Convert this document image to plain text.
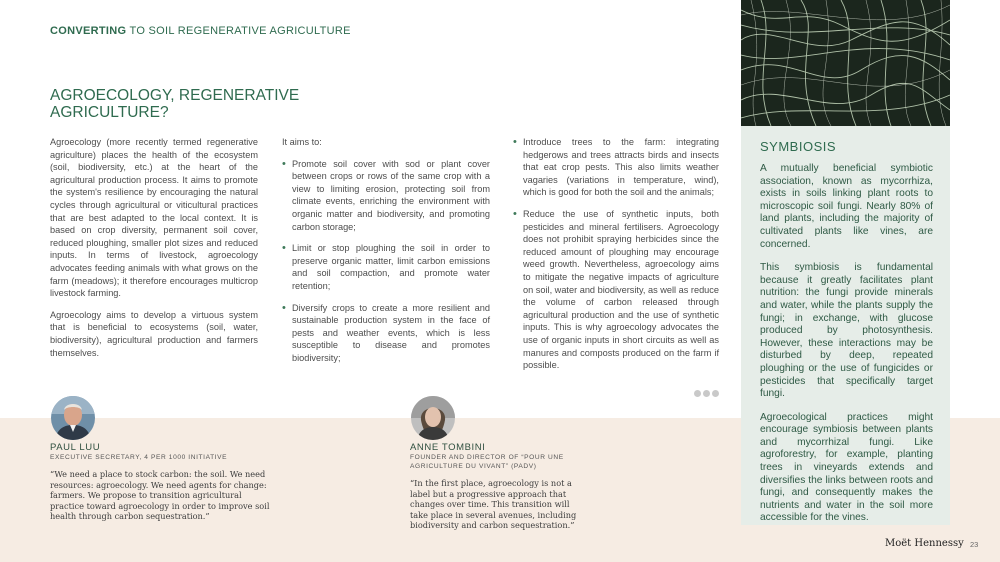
CONVERTING TO SOIL REGENERATIVE AGRICULTURE
AGROECOLOGY, REGENERATIVE AGRICULTURE?

Agroecology (more recently termed regenerative agriculture) places the health of the ecosystem (soil, biodiversity, etc.) at the heart of the agricultural production process. It aims to promote the system's resilience by encouraging the natural cycles through agricultural or viticultural practices that are best adapted to the local context. It is based on crop diversity, permanent soil cover, reduced ploughing, smaller plot sizes and reduced inputs. In terms of livestock, agroecology advocates feeding animals with what grows on the farm (meadows); it therefore encourages multicrop livestock farming.

Agroecology aims to develop a virtuous system that is beneficial to ecosystems (soil, water, biodiversity), agricultural production and farmers themselves.

It aims to:

• Promote soil cover with sod or plant cover between crops or rows of the same crop with a view to limiting erosion, protecting soil from climate events, enriching the environment with organic matter and biodiversity, and promoting carbon storage;
• Limit or stop ploughing the soil in order to preserve organic matter, limit carbon emissions and soil compaction, and promote water retention;
• Diversify crops to create a more resilient and sustainable production system in the face of pests and weather events, which is less susceptible to disease and promotes biodiversity;
• Introduce trees to the farm: integrating hedgerows and trees attracts birds and insects that eat crop pests. This also limits weather vagaries (variations in temperature, wind), which is good for both the soil and the animals;
• Reduce the use of synthetic inputs, both pesticides and mineral fertilisers. Agroecology does not prohibit spraying herbicides since the reduced amount of ploughing may encourage weed growth. Nevertheless, agroecology aims to mitigate the negative impacts of agriculture on soil, water and biodiversity, as well as reduce the volume of carbon released through agricultural production and the use of synthetic inputs. This is why agroecology advocates the use of organic inputs in short circuits as well as manures and composts produced on the farm if possible.
SYMBIOSIS

A mutually beneficial symbiotic association, known as mycorrhiza, exists in soils linking plant roots to microscopic soil fungi. Nearly 80% of land plants, including the majority of cultivated plants like vines, are concerned.

This symbiosis is fundamental because it greatly facilitates plant nutrition: the fungi provide minerals and water, while the plants supply the fungi; in exchange, with glucose produced by photosynthesis. However, these interactions may be disturbed by deep, repeated ploughing or the use of fungicides or pesticides that specifically target fungi.

Agroecological practices might encourage symbiosis between plants and mycorrhizal fungi. Like agroforestry, for example, planting trees in vineyards extends and diversifies the links between roots and fungi, and consequently makes the nutrients and water in the soil more accessible for the vines.

PAUL LUU
EXECUTIVE SECRETARY, 4 PER 1000 INITIATIVE
“We need a place to stock carbon: the soil. We need resources: agroecology. We need agents for change: farmers. We propose to transition agricultural practice toward agroecology in order to improve soil health through carbon sequestration.”
ANNE TOMBINI
FOUNDER AND DIRECTOR OF “POUR UNE AGRICULTURE DU VIVANT” (PADV)
“In the first place, agroecology is not a label but a progressive approach that changes over time. This transition will take place in several avenues, including biodiversity and carbon sequestration.”
Moët Hennessy 23
